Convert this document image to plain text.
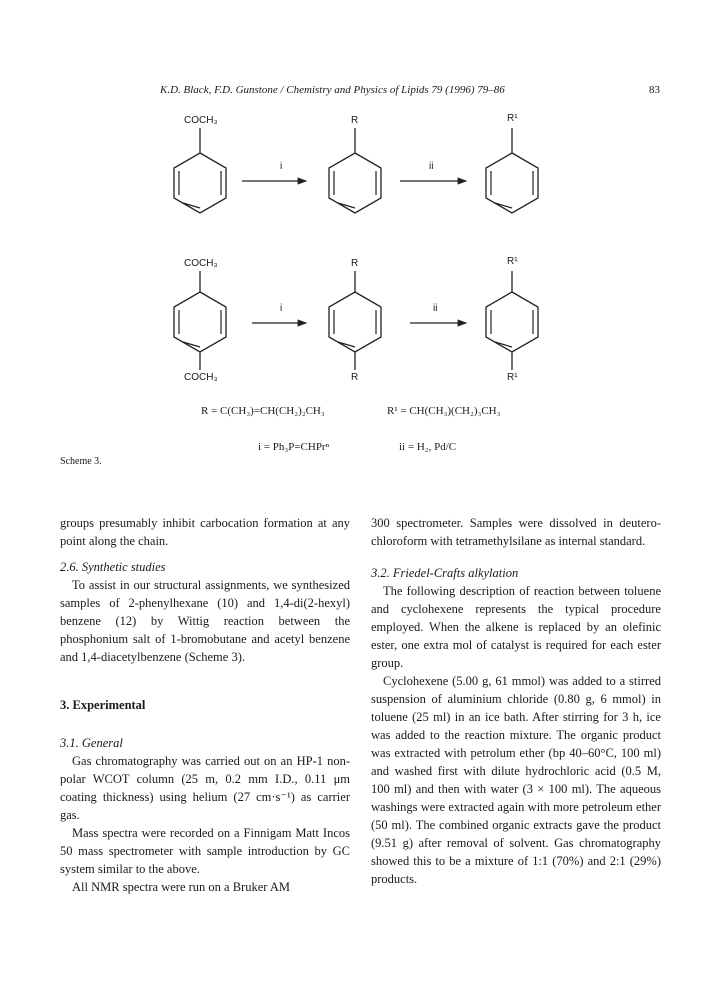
K.D. Black, F.D. Gunstone / Chemistry and Physics of Lipids 79 (1996) 79–86	83
COCH₃	R	R¹
i	ii
COCH₃	R	R¹
i	ii
COCH₃	R	R¹
R = C(CH₃)=CH(CH₂)₂CH₃	R¹ = CH(CH₃)(CH₂)₃CH₃
i = Ph₃P=CHPrⁿ	ii = H₂, Pd/C
Scheme 3.

groups presumably inhibit carbocation formation at any point along the chain.

2.6. Synthetic studies

To assist in our structural assignments, we synthesized samples of 2-phenylhexane (10) and 1,4-di(2-hexyl) benzene (12) by Wittig reaction between the phosphonium salt of 1-bromobutane and acetyl benzene and 1,4-diacetylbenzene (Scheme 3).

3. Experimental
3.1. General

Gas chromatography was carried out on an HP-1 non-polar WCOT column (25 m, 0.2 mm I.D., 0.11 μm coating thickness) using helium (27 cm·s⁻¹) as carrier gas.

Mass spectra were recorded on a Finnigam Matt Incos 50 mass spectrometer with sample introduction by GC system similar to the above.

All NMR spectra were run on a Bruker AM

300 spectrometer. Samples were dissolved in deutero-chloroform with tetramethylsilane as internal standard.

3.2. Friedel-Crafts alkylation

The following description of reaction between toluene and cyclohexene represents the typical procedure employed. When the alkene is replaced by an olefinic ester, one extra mol of catalyst is required for each ester group.

Cyclohexene (5.00 g, 61 mmol) was added to a stirred suspension of aluminium chloride (0.80 g, 6 mmol) in toluene (25 ml) in an ice bath. After stirring for 3 h, ice was added to the reaction mixture. The organic product was extracted with petrolum ether (bp 40–60°C, 100 ml) and washed first with dilute hydrochloric acid (0.5 M, 100 ml) and then with water (3 × 100 ml). The aqueous washings were extracted again with more petroleum ether (50 ml). The combined organic extracts gave the product (9.51 g) after removal of solvent. Gas chromatography showed this to be a mixture of 1:1 (70%) and 2:1 (29%) products.
